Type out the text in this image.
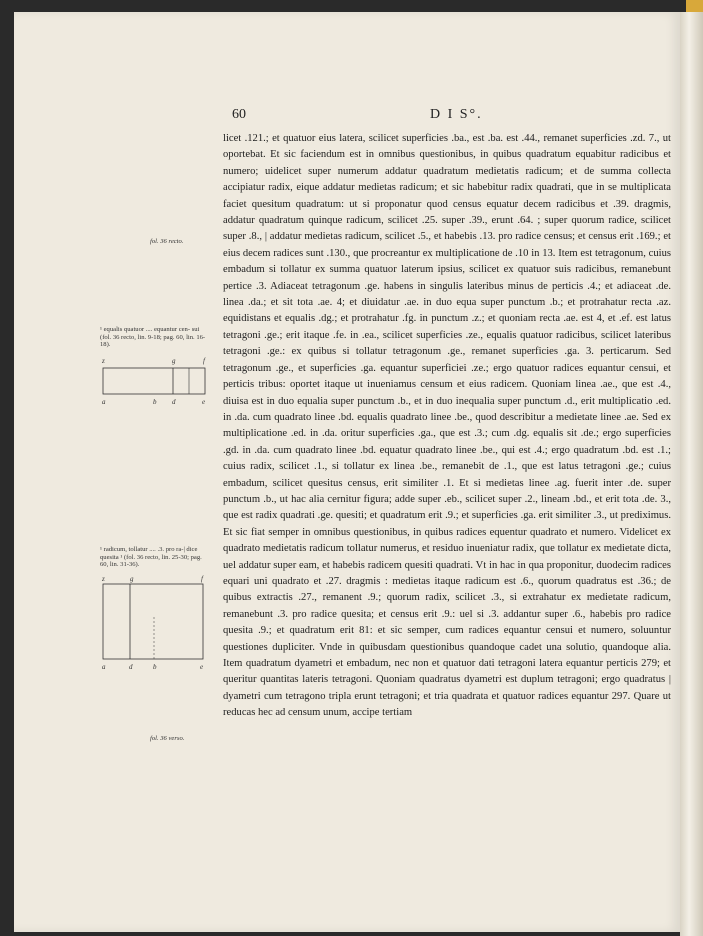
60	D I S°.

licet .121.; et quatuor eius latera, scilicet superficies .ba., est .ba. est .44., remanet superficies .zd. 7., ut oportebat. Et sic faciendum est in omnibus questionibus, in quibus quadratum equabitur radicibus et numero; uidelicet super numerum addatur quadratum medietatis radicum; et de summa collecta accipiatur radix, eique addatur medietas radicum; et sic habebitur radix quadrati, que in se multiplicata faciet quesitum quadratum: ut si proponatur quod census equatur decem radicibus et .39. dragmis, addatur quadratum quinque radicum, scilicet .25. super .39., erunt .64. ; super quorum radice, scilicet super .8., | addatur medietas radicum, scilicet .5., et habebis .13. pro radice census; et census erit .169.; et eius decem radices sunt .130., que procreantur ex multiplicatione de .10 in 13. Item est tetragonum, cuius embadum si tollatur ex summa quatuor laterum ipsius, scilicet ex quatuor suis radicibus, remanebunt pertice .3. Adiaceat tetragonum .ge. habens in singulis lateribus minus de perticis .4.; et adiaceat .de. linea .da.; et sit tota .ae. 4; et diuidatur .ae. in duo equa super punctum .b.; et protrahatur recta .az. equidistans et equalis .dg.; et protrahatur .fg. in punctum .z.; et quoniam recta .ae. est 4, et .ef. est latus tetragoni .ge.; erit itaque .fe. in .ea., scilicet superficies .ze., equalis quatuor radicibus, scilicet lateribus tetragoni .ge.: ex quibus si tollatur tetragonum .ge., remanet superficies .ga. 3. perticarum. Sed tetragonum .ge., et superficies .ga. equantur superficiei .ze.; ergo quatuor radices equantur censui, et perticis tribus: oportet itaque ut inueniamus censum et eius radicem. Quoniam linea .ae., que est .4., diuisa est in duo equalia super punctum .b., et in duo inequalia super punctum .d., erit multiplicatio .ed. in .da. cum quadrato linee .bd. equalis quadrato linee .be., quod describitur a medietate linee .ae. Sed ex multiplicatione .ed. in .da. oritur superficies .ga., que est .3.; cum .dg. equalis sit .de.; ergo superficies .gd. in .da. cum quadrato linee .bd. equatur quadrato linee .be., qui est .4.; ergo quadratum .bd. est .1.; cuius radix, scilicet .1., si tollatur ex linea .be., remanebit de .1., que est latus tetragoni .ge.; cuius embadum, scilicet quesitus census, erit similiter .1. Et si medietas linee .ag. fuerit inter .de. super punctum .b., ut hac alia cernitur figura; adde super .eb., scilicet super .2., lineam .bd., et erit tota .de. 3., que est radix quadrati .ge. quesiti; et quadratum erit .9.; et superficies .ga. erit similiter .3., ut prediximus. Et sic fiat semper in omnibus questionibus, in quibus radices equentur quadrato et numero. Videlicet ex quadrato medietatis radicum tollatur numerus, et residuo inueniatur radix, que tollatur ex medietate dicta, uel addatur super eam, et habebis radicem quesiti quadrati. Vt in hac in qua proponitur, duodecim radices equari uni quadrato et .27. dragmis : medietas itaque radicum est .6., quorum quadratus est .36.; de quibus extractis .27., remanent .9.; quorum radix, scilicet .3., si extrahatur ex medietate radicum, remanebunt .3. pro radice quesita; et census erit .9.: uel si .3. addantur super .6., habebis pro radice quesita .9.; et quadratum erit 81: et sic semper, cum radices equantur censui et numero, soluuntur questiones dupliciter. Vnde in quibusdam questionibus quandoque cadet una solutio, quandoque alia. Item quadratum dyametri et embadum, nec non et quatuor dati tetragoni latera equantur perticis 279; et queritur quantitas lateris tetragoni. Quoniam quadratus dyametri est duplum tetragoni; ergo quadratus | dyametri cum tetragono tripla erunt tetragoni; et tria quadrata et quatuor radices equantur 297. Quare ut reducas hec ad censum unum, accipe tertiam

fol. 36 recto.
¹ equalis quatuor .... equantur cen- sui (fol. 36 recto, lin. 9-18; pag. 60, lin. 16-18).
z	g	f
a	b d	e
¹ radicum, tollatur .... .3. pro ra-| dice quesita ¹ (fol. 36 recto, lin. 25-30; pag. 60, lin. 31-36).
z	g	f
a	d	b	e
fol. 36 verso.
